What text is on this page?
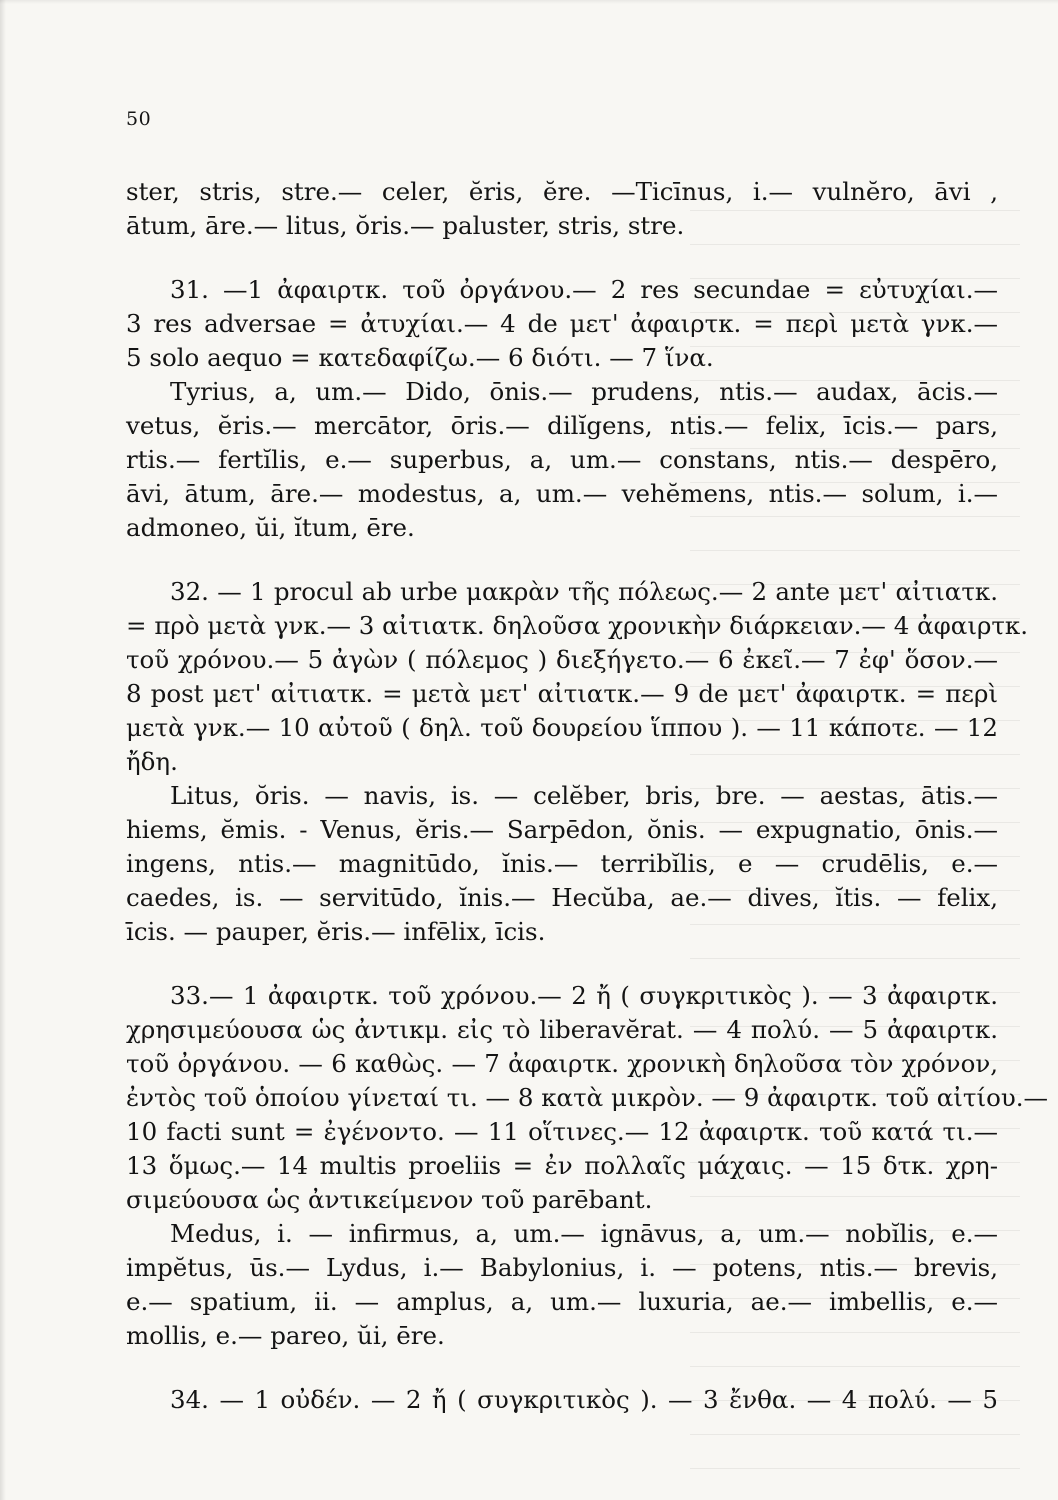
50
ster, stris, stre.— celer, ĕris, ĕre. —Ticīnus, i.— vulnĕro, āvi ,
ātum, āre.— litus, ŏris.— paluster, stris, stre.
31. —1 ἀφαιρτκ. τοῦ ὀργάνου.— 2 res secundae = εὐτυχίαι.—
3 res adversae = ἀτυχίαι.— 4 de μετ' ἀφαιρτκ. = περὶ μετὰ γνκ.—
5 solo aequo = κατεδαφίζω.— 6 διότι. — 7 ἵνα.
Tyrius, a, um.— Dido, ōnis.— prudens, ntis.— audax, ācis.—
vetus, ĕris.— mercātor, ōris.— dilĭgens, ntis.— felix, īcis.— pars,
rtis.— fertĭlis, e.— superbus, a, um.— constans, ntis.— despēro,
āvi, ātum, āre.— modestus, a, um.— vehĕmens, ntis.— solum, i.—
admoneo, ŭi, ĭtum, ēre.
32. — 1 procul ab urbe μακρὰν τῆς πόλεως.— 2 ante μετ' αἰτιατκ.
= πρὸ μετὰ γνκ.— 3 αἰτιατκ. δηλοῦσα χρονικὴν διάρκειαν.— 4 ἀφαιρτκ.
τοῦ χρόνου.— 5 ἀγὼν ( πόλεμος ) διεξήγετο.— 6 ἐκεῖ.— 7 ἐφ' ὅσον.—
8 post μετ' αἰτιατκ. = μετὰ μετ' αἰτιατκ.— 9 de μετ' ἀφαιρτκ. = περὶ
μετὰ γνκ.— 10 αὐτοῦ ( δηλ. τοῦ δουρείου ἵππου ). — 11 κάποτε. — 12
ἤδη.
Litus, ŏris. — navis, is. — celĕber, bris, bre. — aestas, ātis.—
hiems, ĕmis. - Venus, ĕris.— Sarpēdon, ŏnis. — expugnatio, ōnis.—
ingens, ntis.— magnitūdo, ĭnis.— terribĭlis, e — crudēlis, e.—
caedes, is. — servitūdo, ĭnis.— Hecŭba, ae.— dives, ĭtis. — felix,
īcis. — pauper, ĕris.— infēlix, īcis.
33.— 1 ἀφαιρτκ. τοῦ χρόνου.— 2 ἤ ( συγκριτικὸς ). — 3 ἀφαιρτκ.
χρησιμεύουσα ὡς ἀντικμ. εἰς τὸ liberavĕrat. — 4 πολύ. — 5 ἀφαιρτκ.
τοῦ ὀργάνου. — 6 καθὼς. — 7 ἀφαιρτκ. χρονικὴ δηλοῦσα τὸν χρόνον,
ἐντὸς τοῦ ὁποίου γίνεταί τι. — 8 κατὰ μικρὸν. — 9 ἀφαιρτκ. τοῦ αἰτίου.—
10 facti sunt = ἐγένοντο. — 11 οἵτινες.— 12 ἀφαιρτκ. τοῦ κατά τι.—
13 ὅμως.— 14 multis proeliis = ἐν πολλαῖς μάχαις. — 15 δτκ. χρη-
σιμεύουσα ὡς ἀντικείμενον τοῦ parēbant.
Medus, i. — infirmus, a, um.— ignāvus, a, um.— nobĭlis, e.—
impĕtus, ūs.— Lydus, i.— Babylonius, i. — potens, ntis.— brevis,
e.— spatium, ii. — amplus, a, um.— luxuria, ae.— imbellis, e.—
mollis, e.— pareo, ŭi, ēre.
34. — 1 οὐδέν. — 2 ἤ ( συγκριτικὸς ). — 3 ἔνθα. — 4 πολύ. — 5
